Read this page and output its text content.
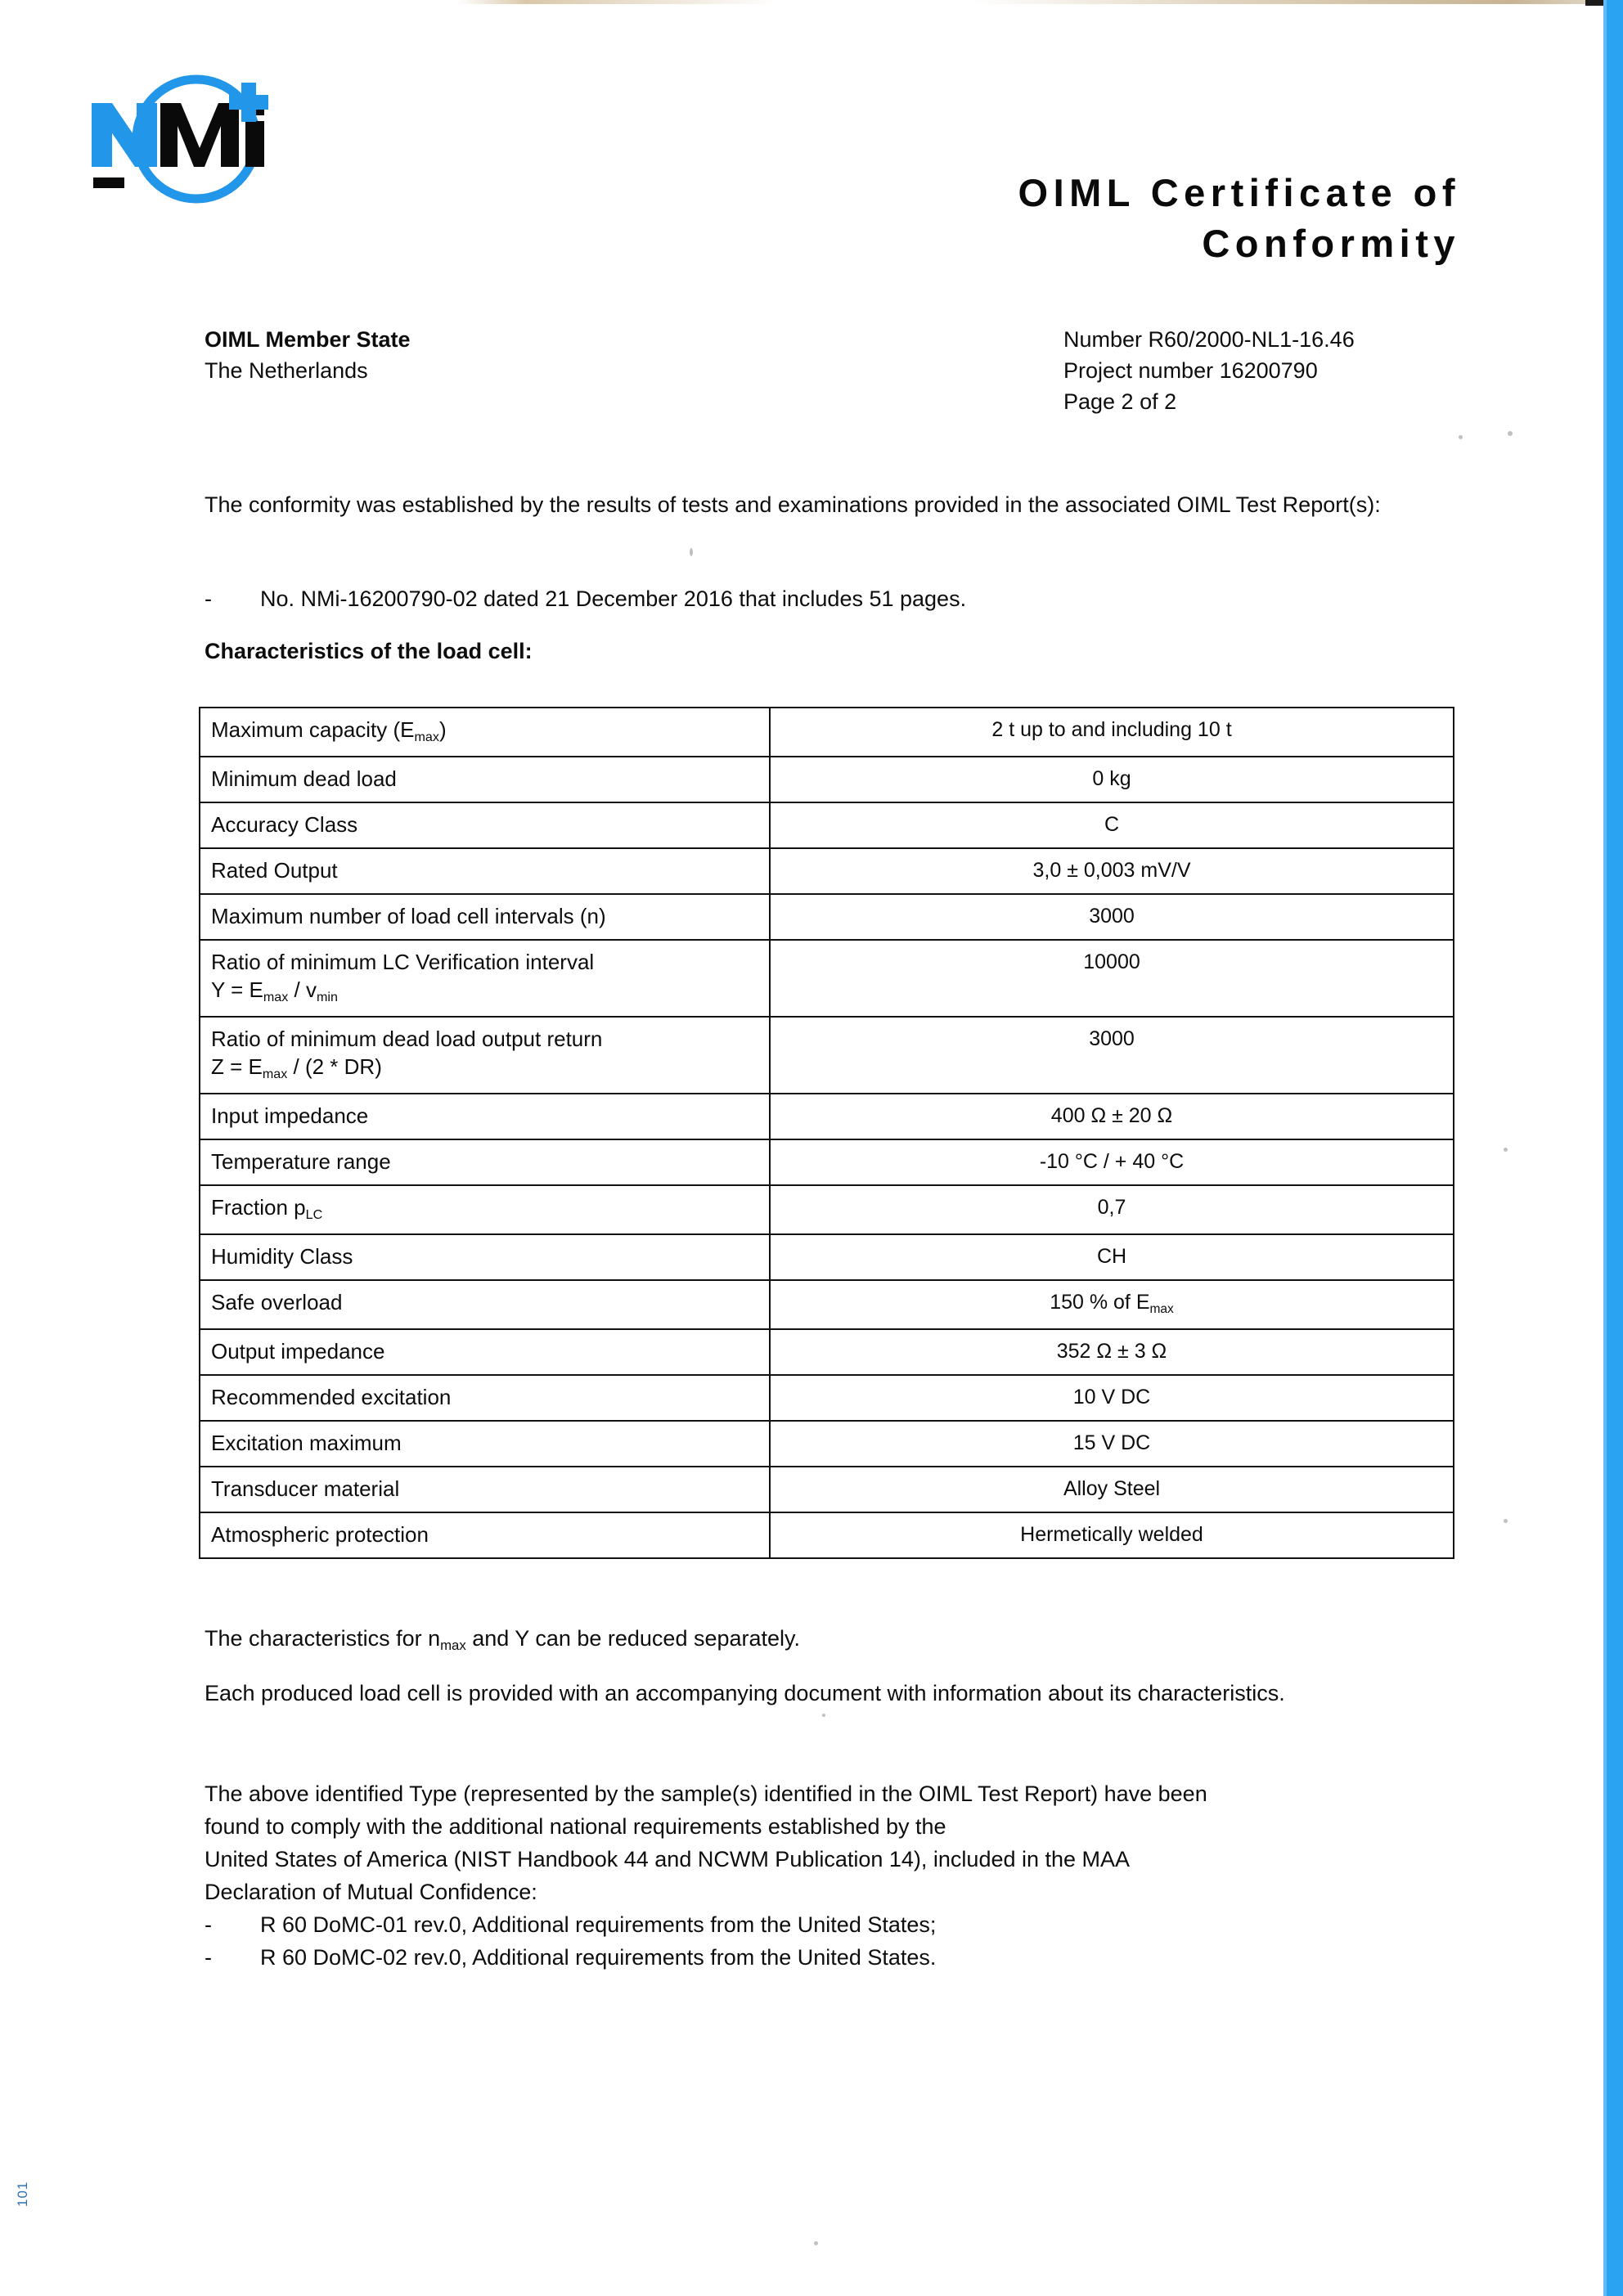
101
OIML Certificate of
Conformity
OIML Member State
The Netherlands
Number R60/2000-NL1-16.46
Project number 16200790
Page 2 of 2
The conformity was established by the results of tests and examinations provided in the associated OIML Test Report(s):
- No. NMi-16200790-02 dated 21 December 2016 that includes 51 pages.
Characteristics of the load cell:
Maximum capacity $(E_{max})$	2 t up to and including 10 t
Minimum dead load	0 kg
Accuracy Class	C
Rated Output	3,0 ± 0,003 mV/V
Maximum number of load cell intervals (n)	3000
Ratio of minimum LC Verification interval
$Y = E_{max} / v_{min}$	10000
Ratio of minimum dead load output return
$Z = E_{max} / (2 * DR)$	3000
Input impedance	400 Ω ± 20 Ω
Temperature range	-10 °C / + 40 °C
Fraction $p_{LC}$	0,7
Humidity Class	CH
Safe overload	150 % of $E_{max}$
Output impedance	352 Ω ± 3 Ω
Recommended excitation	10 V DC
Excitation maximum	15 V DC
Transducer material	Alloy Steel
Atmospheric protection	Hermetically welded
The characteristics for $n_{max}$ and Y can be reduced separately.
Each produced load cell is provided with an accompanying document with information about its characteristics.
The above identified Type (represented by the sample(s) identified in the OIML Test Report) have been
found to comply with the additional national requirements established by the
United States of America (NIST Handbook 44 and NCWM Publication 14), included in the MAA
Declaration of Mutual Confidence:
- R 60 DoMC-01 rev.0, Additional requirements from the United States;
- R 60 DoMC-02 rev.0, Additional requirements from the United States.
